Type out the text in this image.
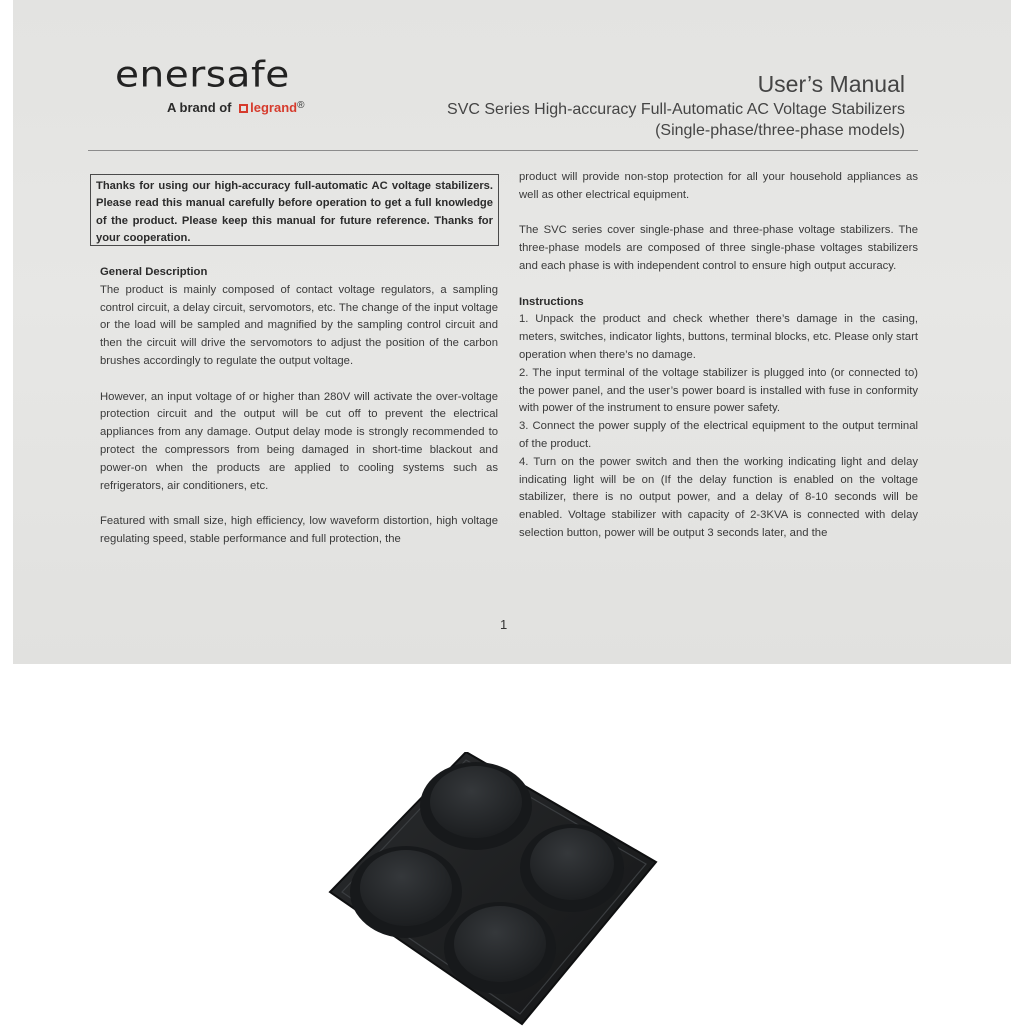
enersafe
A brand of legrand®
User’s Manual
SVC Series High-accuracy Full-Automatic AC Voltage Stabilizers
(Single-phase/three-phase models)
Thanks for using our high-accuracy full-automatic AC voltage stabilizers. Please read this manual carefully before operation to get a full knowledge of the product. Please keep this manual for future reference. Thanks for your cooperation.
General Description

The product is mainly composed of contact voltage regulators, a sampling control circuit, a delay circuit, servomotors, etc. The change of the input voltage or the load will be sampled and magnified by the sampling control circuit and then the circuit will drive the servomotors to adjust the position of the carbon brushes accordingly to regulate the output voltage.

However, an input voltage of or higher than 280V will activate the over-voltage protection circuit and the output will be cut off to prevent the electrical appliances from any damage. Output delay mode is strongly recommended to protect the compressors from being damaged in short-time blackout and power-on when the products are applied to cooling systems such as refrigerators, air conditioners, etc.

Featured with small size, high efficiency, low waveform distortion, high voltage regulating speed, stable performance and full protection, the

product will provide non-stop protection for all your household appliances as well as other electrical equipment.

The SVC series cover single-phase and three-phase voltage stabilizers. The three-phase models are composed of three single-phase voltages stabilizers and each phase is with independent control to ensure high output accuracy.

Instructions

1. Unpack the product and check whether there’s damage in the casing, meters, switches, indicator lights, buttons, terminal blocks, etc. Please only start operation when there’s no damage.

2. The input terminal of the voltage stabilizer is plugged into (or connected to) the power panel, and the user’s power board is installed with fuse in conformity with power of the instrument to ensure power safety.

3. Connect the power supply of the electrical equipment to the output terminal of the product.

4. Turn on the power switch and then the working indicating light and delay indicating light will be on (If the delay function is enabled on the voltage stabilizer, there is no output power, and a delay of 8-10 seconds will be enabled. Voltage stabilizer with capacity of 2-3KVA is connected with delay selection button, power will be output 3 seconds later, and the

1
